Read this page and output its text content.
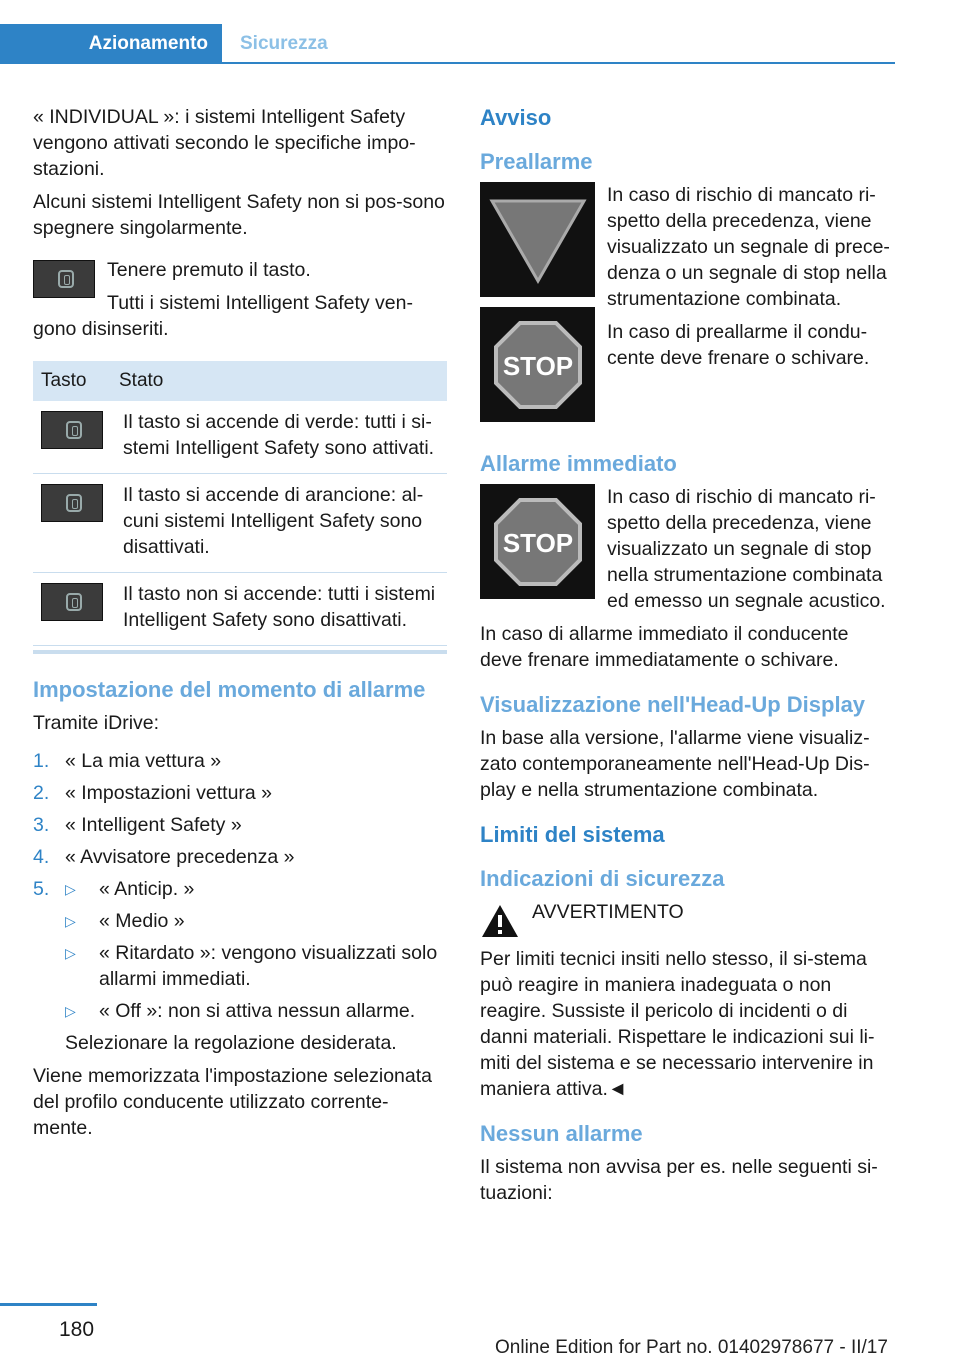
Azionamento	Sicurezza

« INDIVIDUAL »: i sistemi Intelligent Safety vengono attivati secondo le specifiche impo-stazioni.

Alcuni sistemi Intelligent Safety non si pos-sono spegnere singolarmente.

Tenere premuto il tasto.

Tutti i sistemi Intelligent Safety ven-gono disinseriti.

Tasto	Stato

	Il tasto si accende di verde: tutti i si-stemi Intelligent Safety sono attivati.

	Il tasto si accende di arancione: al-cuni sistemi Intelligent Safety sono disattivati.

	Il tasto non si accende: tutti i sistemi Intelligent Safety sono disattivati.
Impostazione del momento di allarme

Tramite iDrive:

1. « La mia vettura »
2. « Impostazioni vettura »
3. « Intelligent Safety »
4. « Avvisatore precedenza »
5. ▷ « Anticip. »
▷ « Medio »
▷ « Ritardato »: vengono visualizzati solo allarmi immediati.
▷ « Off »: non si attiva nessun allarme.

Selezionare la regolazione desiderata.

Viene memorizzata l'impostazione selezionata del profilo conducente utilizzato corrente-mente.

Avviso
Preallarme
STOP

In caso di rischio di mancato ri-spetto della precedenza, viene visualizzato un segnale di prece-denza o un segnale di stop nella strumentazione combinata.

In caso di preallarme il condu-cente deve frenare o schivare.

Allarme immediato
STOP

In caso di rischio di mancato ri-spetto della precedenza, viene visualizzato un segnale di stop nella strumentazione combinata ed emesso un segnale acustico.

In caso di allarme immediato il conducente deve frenare immediatamente o schivare.

Visualizzazione nell'Head-Up Display

In base alla versione, l'allarme viene visualiz-zato contemporaneamente nell'Head-Up Dis-play e nella strumentazione combinata.

Limiti del sistema
Indicazioni di sicurezza

AVVERTIMENTO

Per limiti tecnici insiti nello stesso, il si-stema può reagire in maniera inadeguata o non reagire. Sussiste il pericolo di incidenti o di danni materiali. Rispettare le indicazioni sui li-miti del sistema e se necessario intervenire in maniera attiva.◄

Nessun allarme

Il sistema non avvisa per es. nelle seguenti si-tuazioni:

180
Online Edition for Part no. 01402978677 - II/17
